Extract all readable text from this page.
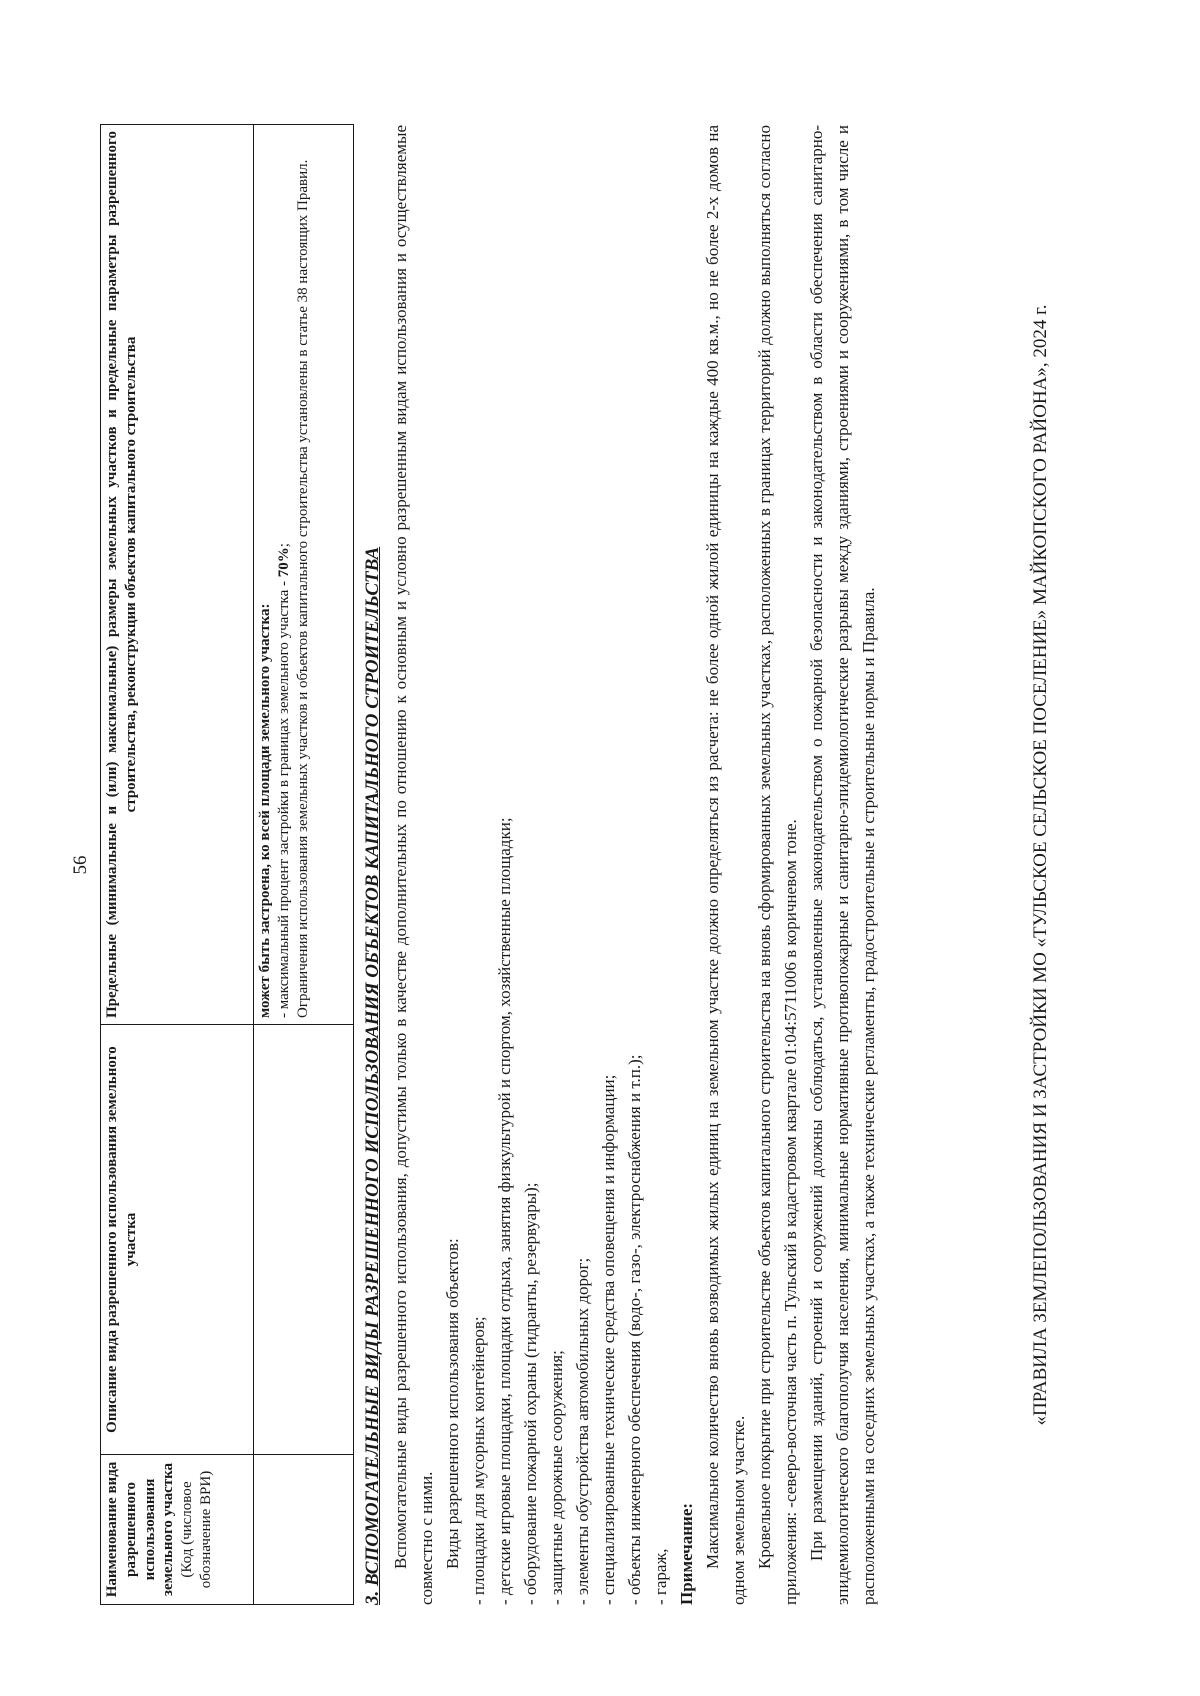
56
Наименование вида разрешенного использования земельного участка (Код (числовое обозначение ВРИ)	Описание вида разрешенного использования земельного участка	Предельные (минимальные и (или) максимальные) размеры земельных участков и предельные параметры разрешенного строительства, реконструкции объектов капитального строительства

		может быть застроена, ко всей площади земельного участка: - максимальный процент застройки в границах земельного участка - 70%; Ограничения использования земельных участков и объектов капитального строительства установлены в статье 38 настоящих Правил.	3. ВСПОМОГАТЕЛЬНЫЕ ВИДЫ РАЗРЕШЕННОГО ИСПОЛЬЗОВАНИЯ ОБЪЕКТОВ КАПИТАЛЬНОГО СТРОИТЕЛЬСТВА Вспомогательные виды разрешенного использования, допустимы только в качестве дополнительных по отношению к основным и условно разрешенным видам использования и осуществляемые совместно с ними. Виды разрешенного использования объектов: - площадки для мусорных контейнеров; - детские игровые площадки, площадки отдыха, занятия физкультурой и спортом, хозяйственные площадки; - оборудование пожарной охраны (гидранты, резервуары); - защитные дорожные сооружения; - элементы обустройства автомобильных дорог; - специализированные технические средства оповещения и информации; - объекты инженерного обеспечения (водо-, газо-, электроснабжения и т.п.); - гараж, Примечание: Максимальное количество вновь возводимых жилых единиц на земельном участке должно определяться из расчета: не более одной жилой единицы на каждые 400 кв.м., но не более 2-х домов на одном земельном участке. Кровельное покрытие при строительстве объектов капитального строительства на вновь сформированных земельных участках, расположенных в границах территорий должно выполняться согласно приложения: -северо-восточная часть п. Тульский в кадастровом квартале 01:04:5711006 в коричневом тоне. При размещении зданий, строений и сооружений должны соблюдаться, установленные законодательством о пожарной безопасности и законодательством в области обеспечения санитарно-эпидемиологического благополучия населения, минимальные нормативные противопожарные и санитарно-эпидемиологические разрывы между зданиями, строениями и сооружениями, в том числе и расположенными на соседних земельных участках, а также технические регламенты, градостроительные и строительные нормы и Правила.	«ПРАВИЛА ЗЕМЛЕПОЛЬЗОВАНИЯ И ЗАСТРОЙКИ МО «ТУЛЬСКОЕ СЕЛЬСКОЕ ПОСЕЛЕНИЕ» МАЙКОПСКОГО РАЙОНА», 2024 г.
